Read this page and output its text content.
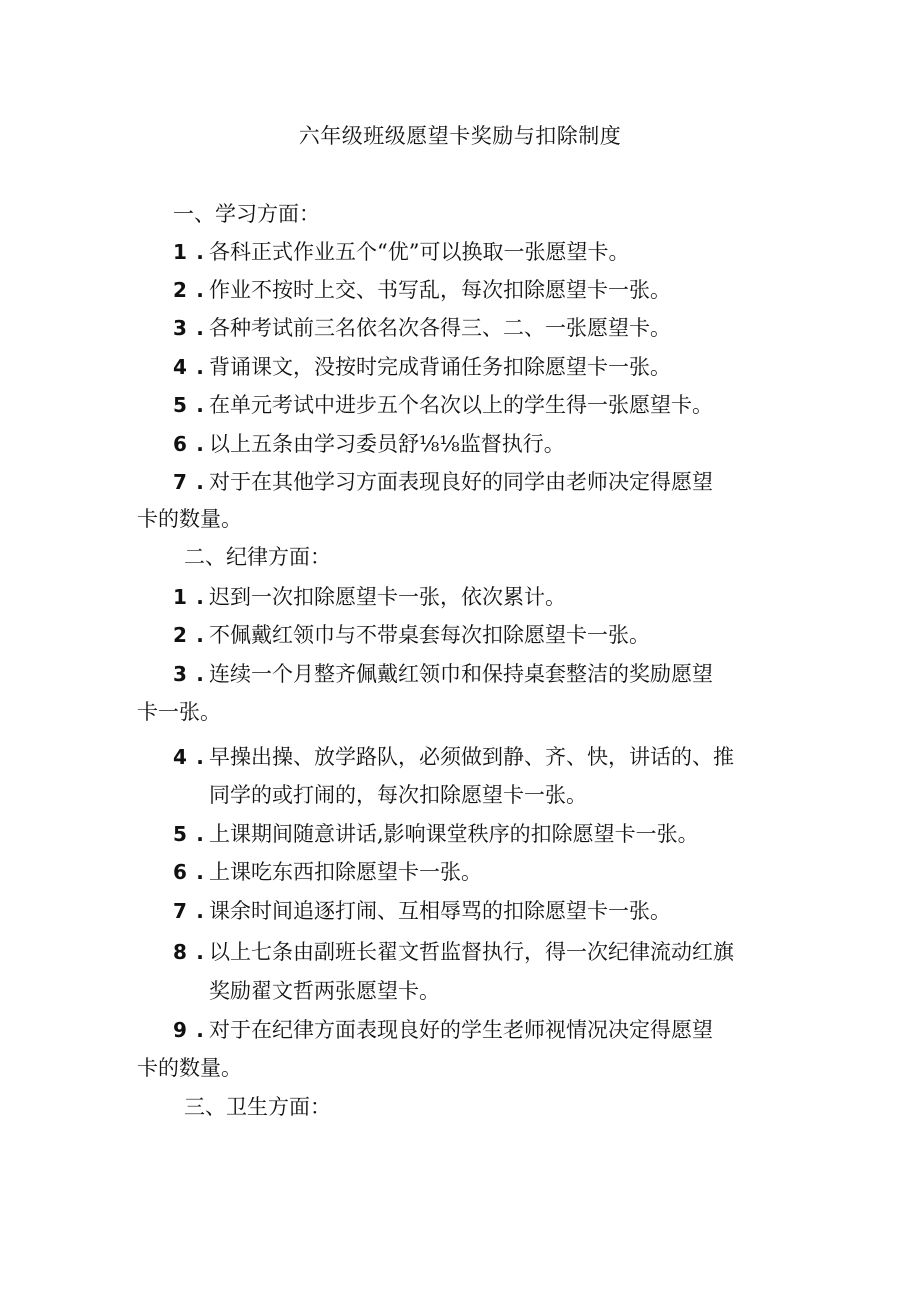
六年级班级愿望卡奖励与扣除制度
一、学习方面：
1 . 各科正式作业五个“优”可以换取一张愿望卡。
2 . 作业不按时上交、书写乱，每次扣除愿望卡一张。
3 . 各种考试前三名依名次各得三、二、一张愿望卡。
4 . 背诵课文，没按时完成背诵任务扣除愿望卡一张。
5 . 在单元考试中进步五个名次以上的学生得一张愿望卡。
6 . 以上五条由学习委员舒⅛⅛监督执行。
7 . 对于在其他学习方面表现良好的同学由老师决定得愿望
卡的数量。
二、纪律方面：
1 . 迟到一次扣除愿望卡一张，依次累计。
2 . 不佩戴红领巾与不带桌套每次扣除愿望卡一张。
3 . 连续一个月整齐佩戴红领巾和保持桌套整洁的奖励愿望
卡一张。
4 . 早操出操、放学路队，必须做到静、齐、快，讲话的、推
同学的或打闹的，每次扣除愿望卡一张。
5 . 上课期间随意讲话,影响课堂秩序的扣除愿望卡一张。
6 . 上课吃东西扣除愿望卡一张。
7 . 课余时间追逐打闹、互相辱骂的扣除愿望卡一张。
8 . 以上七条由副班长翟文哲监督执行，得一次纪律流动红旗
奖励翟文哲两张愿望卡。
9 . 对于在纪律方面表现良好的学生老师视情况决定得愿望
卡的数量。
三、卫生方面：
